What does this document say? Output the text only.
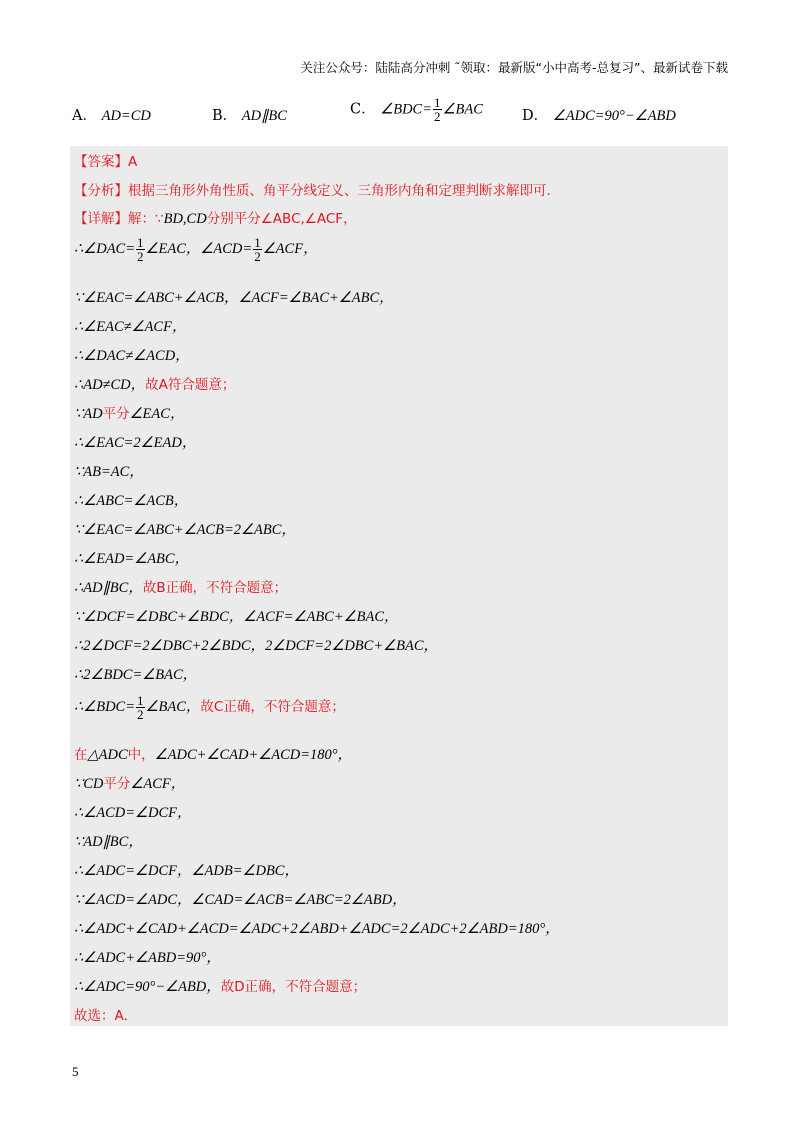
关注公众号：陆陆高分冲刺 ˜领取：最新版“小中高考-总复习”、最新试卷下载
A． AD=CD	B． AD∥BC	C． ∠BDC= $\frac{1}{2}$ ∠BAC	D． ∠ADC=90°−∠ABD
【答案】A
【分析】根据三角形外角性质、角平分线定义、三角形内角和定理判断求解即可．
【详解】解：∵BD,CD分别平分∠ABC,∠ACF，
∴∠DAC= $\frac{1}{2}$ ∠EAC，∠ACD= $\frac{1}{2}$ ∠ACF，
∵∠EAC=∠ABC+∠ACB，∠ACF=∠BAC+∠ABC，
∴∠EAC≠∠ACF，
∴∠DAC≠∠ACD，
∴AD≠CD，故A符合题意；
∵AD平分∠EAC，
∴∠EAC=2∠EAD，
∵AB=AC，
∴∠ABC=∠ACB，
∵∠EAC=∠ABC+∠ACB=2∠ABC，
∴∠EAD=∠ABC，
∴AD∥BC，故B正确，不符合题意；
∵∠DCF=∠DBC+∠BDC，∠ACF=∠ABC+∠BAC，
∴2∠DCF=2∠DBC+2∠BDC，2∠DCF=2∠DBC+∠BAC，
∴2∠BDC=∠BAC，
∴∠BDC= $\frac{1}{2}$ ∠BAC，故C正确，不符合题意；
在△ADC中，∠ADC+∠CAD+∠ACD=180°，
∵CD平分∠ACF，
∴∠ACD=∠DCF，
∵AD∥BC，
∴∠ADC=∠DCF，∠ADB=∠DBC，
∵∠ACD=∠ADC，∠CAD=∠ACB=∠ABC=2∠ABD，
∴∠ADC+∠CAD+∠ACD=∠ADC+2∠ABD+∠ADC=2∠ADC+2∠ABD=180°，
∴∠ADC+∠ABD=90°，
∴∠ADC=90°−∠ABD，故D正确，不符合题意；
故选：A．
5
